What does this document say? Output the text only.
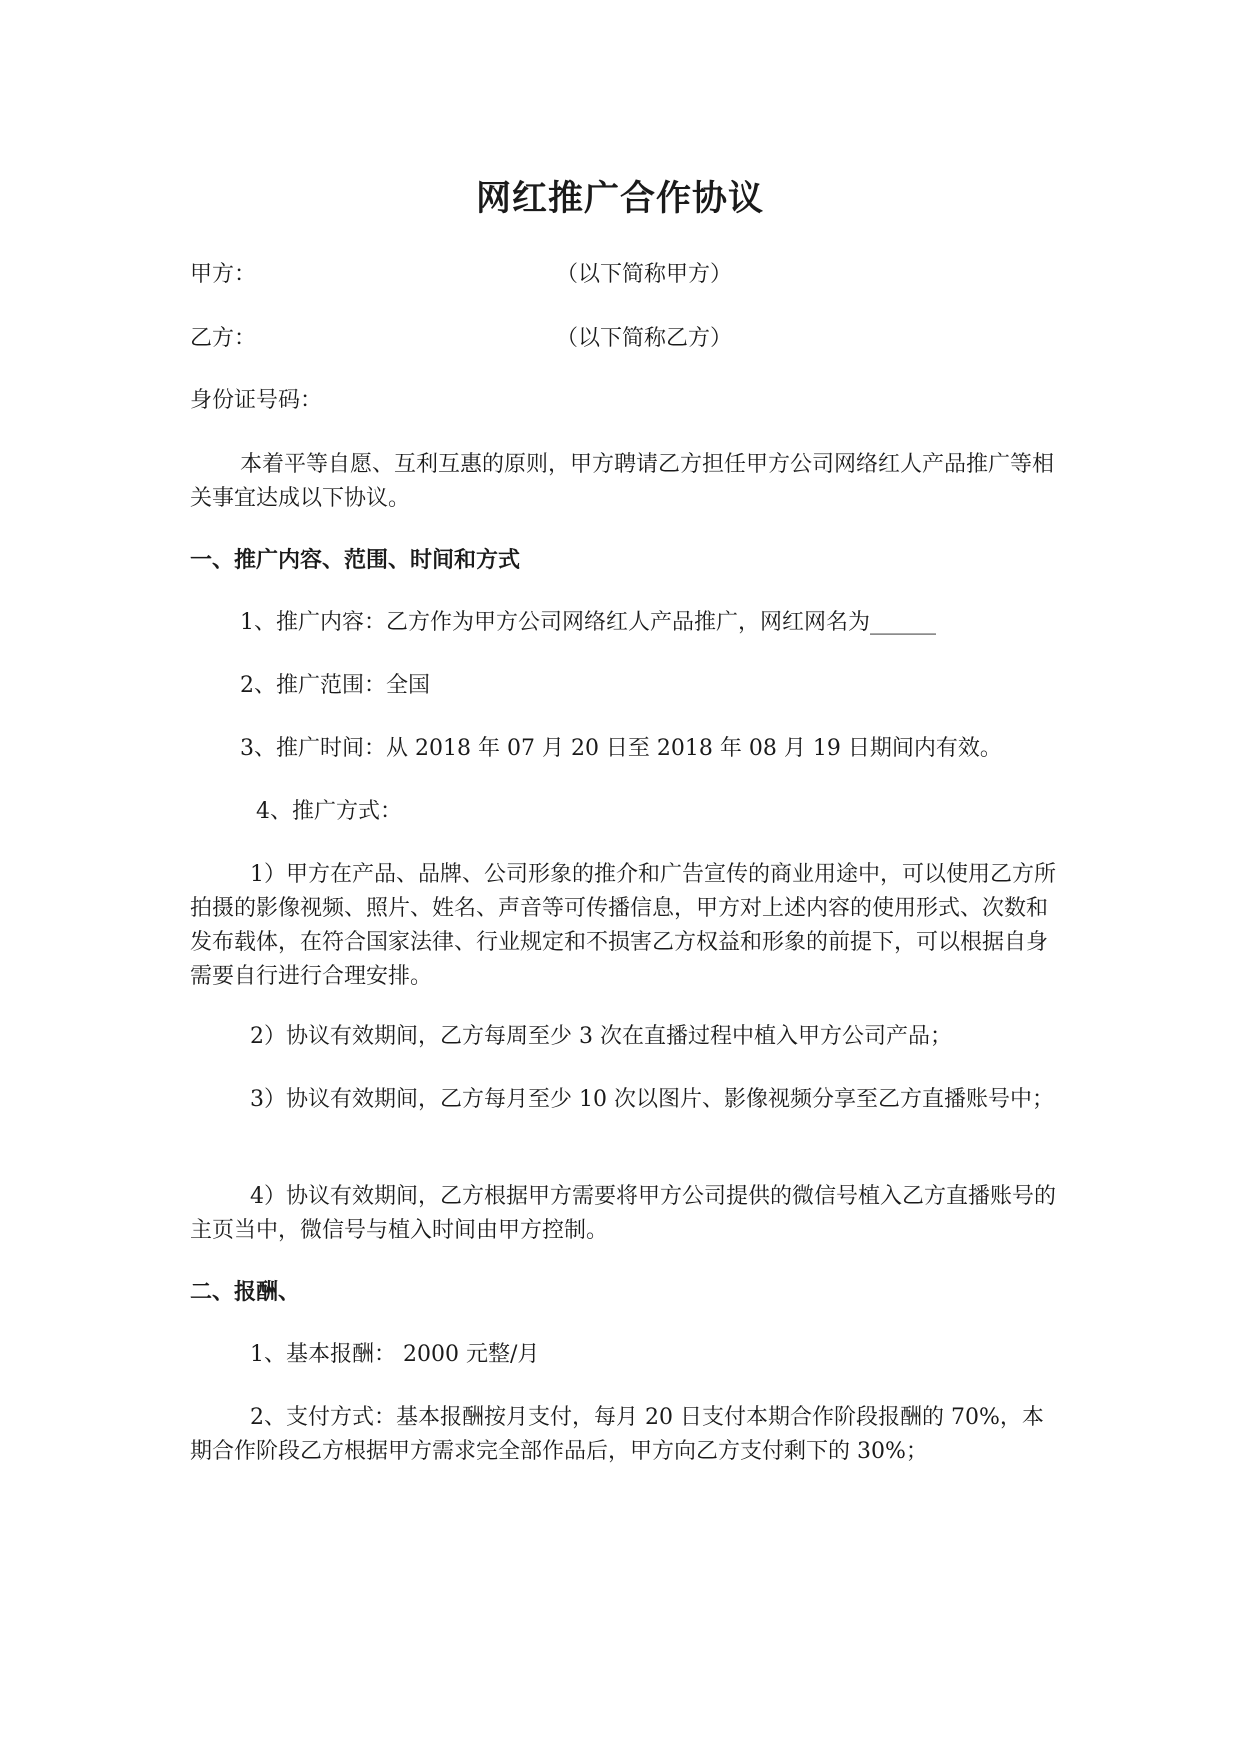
网红推广合作协议
甲方：	（以下简称甲方）
乙方：	（以下简称乙方）
身份证号码：
本着平等自愿、互利互惠的原则，甲方聘请乙方担任甲方公司网络红人产品推广等相关事宜达成以下协议。
一、推广内容、范围、时间和方式
1、推广内容：乙方作为甲方公司网络红人产品推广，网红网名为______
2、推广范围：全国
3、推广时间：从 2018 年 07 月 20 日至 2018 年 08 月 19 日期间内有效。
4、推广方式：
1）甲方在产品、品牌、公司形象的推介和广告宣传的商业用途中，可以使用乙方所拍摄的影像视频、照片、姓名、声音等可传播信息，甲方对上述内容的使用形式、次数和发布载体，在符合国家法律、行业规定和不损害乙方权益和形象的前提下，可以根据自身需要自行进行合理安排。
2）协议有效期间，乙方每周至少 3 次在直播过程中植入甲方公司产品；
3）协议有效期间，乙方每月至少 10 次以图片、影像视频分享至乙方直播账号中；
4）协议有效期间，乙方根据甲方需要将甲方公司提供的微信号植入乙方直播账号的主页当中，微信号与植入时间由甲方控制。
二、报酬、
1、基本报酬： 2000 元整/月
2、支付方式：基本报酬按月支付，每月 20 日支付本期合作阶段报酬的 70%，本期合作阶段乙方根据甲方需求完全部作品后，甲方向乙方支付剩下的 30%；
